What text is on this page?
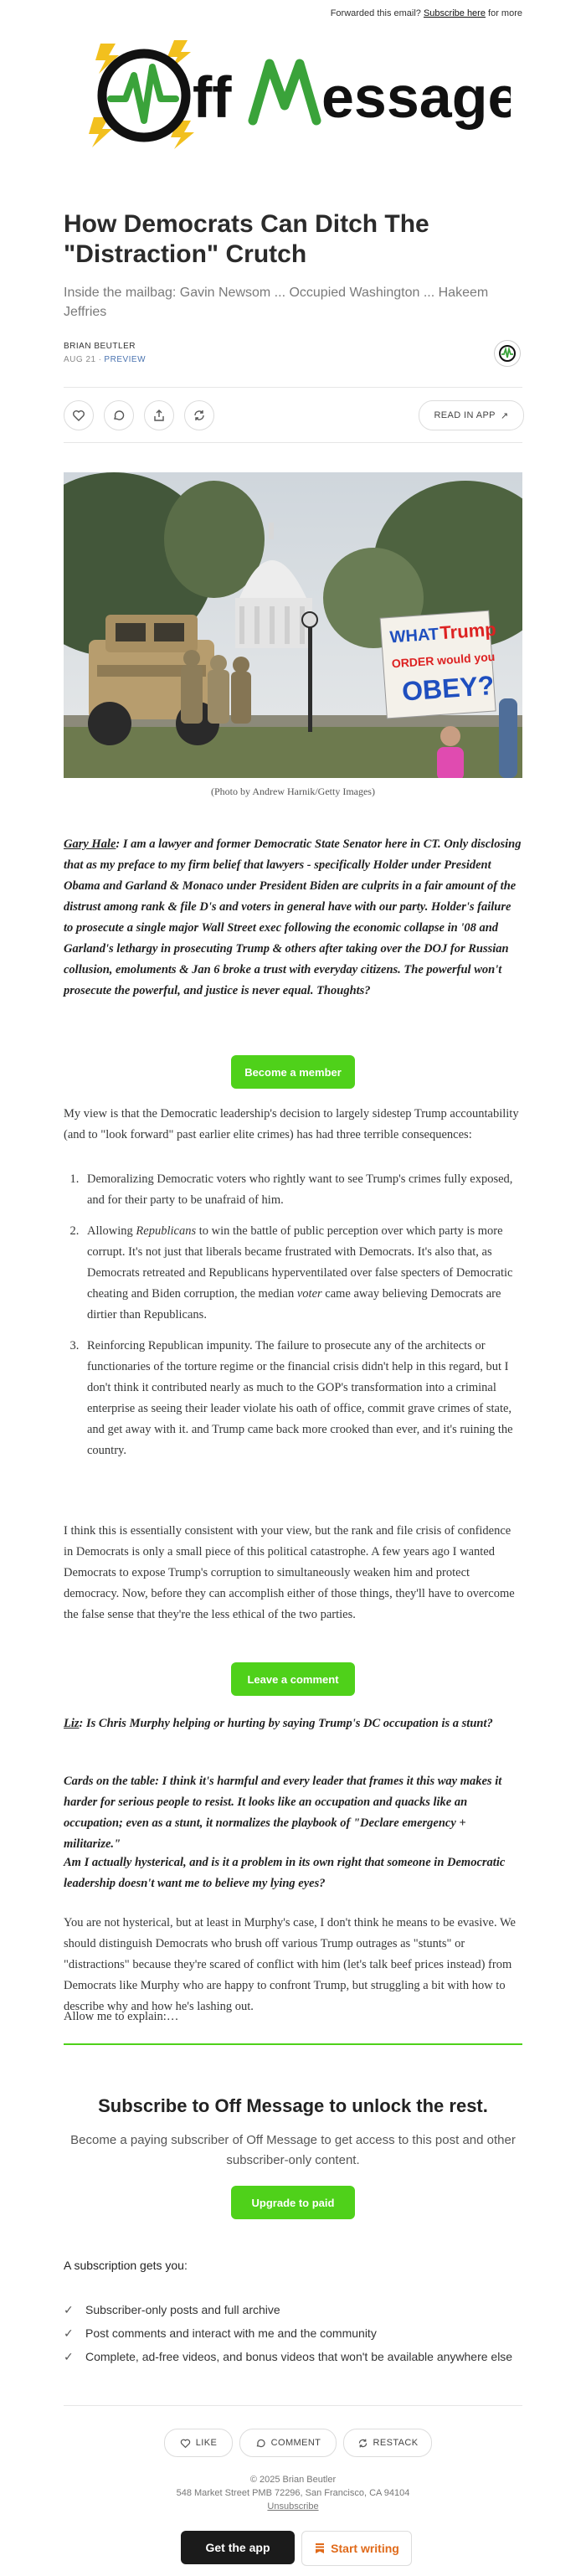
Forwarded this email? Subscribe here for more
ff essage
How Democrats Can Ditch The "Distraction" Crutch

Inside the mailbag: Gavin Newsom ... Occupied Washington ... Hakeem Jeffries

BRIAN BEUTLER
AUG 21 ∙ PREVIEW
READ IN APP ↗
WHAT Trump
ORDER would you
OBEY?
(Photo by Andrew Harnik/Getty Images)

Gary Hale: I am a lawyer and former Democratic State Senator here in CT. Only disclosing that as my preface to my firm belief that lawyers - specifically Holder under President Obama and Garland & Monaco under President Biden are culprits in a fair amount of the distrust among rank & file D's and voters in general have with our party. Holder's failure to prosecute a single major Wall Street exec following the economic collapse in '08 and Garland's lethargy in prosecuting Trump & others after taking over the DOJ for Russian collusion, emoluments & Jan 6 broke a trust with everyday citizens. The powerful won't prosecute the powerful, and justice is never equal. Thoughts?

Become a member

My view is that the Democratic leadership's decision to largely sidestep Trump accountability (and to "look forward" past earlier elite crimes) has had three terrible consequences:

1. Demoralizing Democratic voters who rightly want to see Trump's crimes fully exposed, and for their party to be unafraid of him.
2. Allowing Republicans to win the battle of public perception over which party is more corrupt. It's not just that liberals became frustrated with Democrats. It's also that, as Democrats retreated and Republicans hyperventilated over false specters of Democratic cheating and Biden corruption, the median voter came away believing Democrats are dirtier than Republicans.
3. Reinforcing Republican impunity. The failure to prosecute any of the architects or functionaries of the torture regime or the financial crisis didn't help in this regard, but I don't think it contributed nearly as much to the GOP's transformation into a criminal enterprise as seeing their leader violate his oath of office, commit grave crimes of state, and get away with it. and Trump came back more crooked than ever, and it's ruining the country.

I think this is essentially consistent with your view, but the rank and file crisis of confidence in Democrats is only a small piece of this political catastrophe. A few years ago I wanted Democrats to expose Trump's corruption to simultaneously weaken him and protect democracy. Now, before they can accomplish either of those things, they'll have to overcome the false sense that they're the less ethical of the two parties.

Leave a comment

Liz: Is Chris Murphy helping or hurting by saying Trump's DC occupation is a stunt?

Cards on the table: I think it's harmful and every leader that frames it this way makes it harder for serious people to resist. It looks like an occupation and quacks like an occupation; even as a stunt, it normalizes the playbook of "Declare emergency + militarize."

Am I actually hysterical, and is it a problem in its own right that someone in Democratic leadership doesn't want me to believe my lying eyes?

You are not hysterical, but at least in Murphy's case, I don't think he means to be evasive. We should distinguish Democrats who brush off various Trump outrages as "stunts" or "distractions" because they're scared of conflict with him (let's talk beef prices instead) from Democrats like Murphy who are happy to confront Trump, but struggling a bit with how to describe why and how he's lashing out.

Allow me to explain:…

Subscribe to Off Message to unlock the rest.

Become a paying subscriber of Off Message to get access to this post and other subscriber-only content.

Upgrade to paid
A subscription gets you:
✓	Subscriber-only posts and full archive
✓	Post comments and interact with me and the community
✓	Complete, ad-free videos, and bonus videos that won't be available anywhere else
LIKE	COMMENT	RESTACK
© 2025 Brian Beutler
548 Market Street PMB 72296, San Francisco, CA 94104
Unsubscribe
Get the app	Start writing
